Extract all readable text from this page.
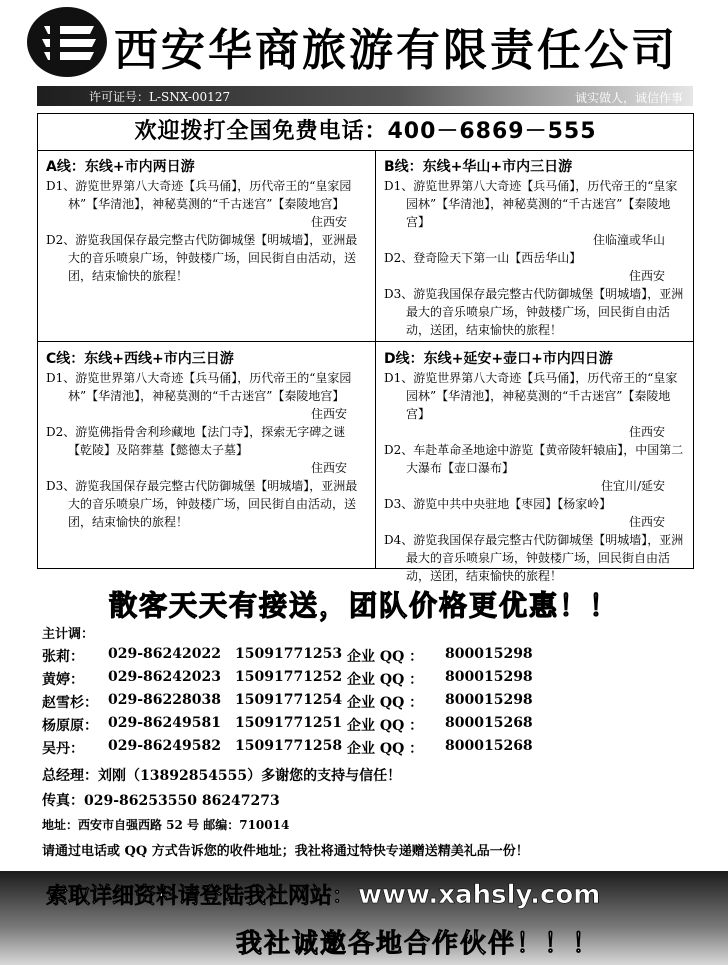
西安华商旅游有限责任公司
许可证号：L-SNX-00127	诚实做人，诚信作事
欢迎拨打全国免费电话：400－6869－555
A线：东线+市内两日游
D1、游览世界第八大奇迹【兵马俑】，历代帝王的“皇家园林”【华清池】，神秘莫测的“千古迷宫”【秦陵地宫】
住西安
D2、游览我国保存最完整古代防御城堡【明城墙】，亚洲最大的音乐喷泉广场，钟鼓楼广场，回民街自由活动，送团，结束愉快的旅程！
B线：东线+华山+市内三日游
D1、游览世界第八大奇迹【兵马俑】，历代帝王的“皇家园林”【华清池】，神秘莫测的“千古迷宫”【秦陵地宫】
住临潼或华山
D2、登奇险天下第一山【西岳华山】
住西安
D3、游览我国保存最完整古代防御城堡【明城墙】，亚洲最大的音乐喷泉广场，钟鼓楼广场，回民街自由活动，送团，结束愉快的旅程！
C线：东线+西线+市内三日游
D1、游览世界第八大奇迹【兵马俑】，历代帝王的“皇家园林”【华清池】，神秘莫测的“千古迷宫”【秦陵地宫】
住西安
D2、游览佛指骨舍利珍藏地【法门寺】，探索无字碑之谜【乾陵】及陪葬墓【懿德太子墓】
住西安
D3、游览我国保存最完整古代防御城堡【明城墙】，亚洲最大的音乐喷泉广场，钟鼓楼广场，回民街自由活动，送团，结束愉快的旅程！
D线：东线+延安+壶口+市内四日游
D1、游览世界第八大奇迹【兵马俑】，历代帝王的“皇家园林”【华清池】，神秘莫测的“千古迷宫”【秦陵地宫】
住西安
D2、车赴革命圣地途中游览【黄帝陵轩辕庙】，中国第二大瀑布【壶口瀑布】
住宜川/延安
D3、游览中共中央驻地【枣园】【杨家岭】
住西安
D4、游览我国保存最完整古代防御城堡【明城墙】，亚洲最大的音乐喷泉广场，钟鼓楼广场，回民街自由活动，送团，结束愉快的旅程！
散客天天有接送，团队价格更优惠！！
主计调：
张莉： 029-86242022 15091771253 企业 QQ ： 800015298
黄婷： 029-86242023 15091771252 企业 QQ ： 800015298
赵雪杉： 029-86228038 15091771254 企业 QQ ： 800015298
杨原原： 029-86249581 15091771251 企业 QQ ： 800015268
吴丹： 029-86249582 15091771258 企业 QQ ： 800015268
总经理：刘刚（13892854555）多谢您的支持与信任！
传真：029-86253550 86247273
地址：西安市自强西路 52 号 邮编：710014
请通过电话或 QQ 方式告诉您的收件地址；我社将通过特快专递赠送精美礼品一份！
索取详细资料请登陆我社网站： www.xahsly.com
我社诚邀各地合作伙伴！！！
